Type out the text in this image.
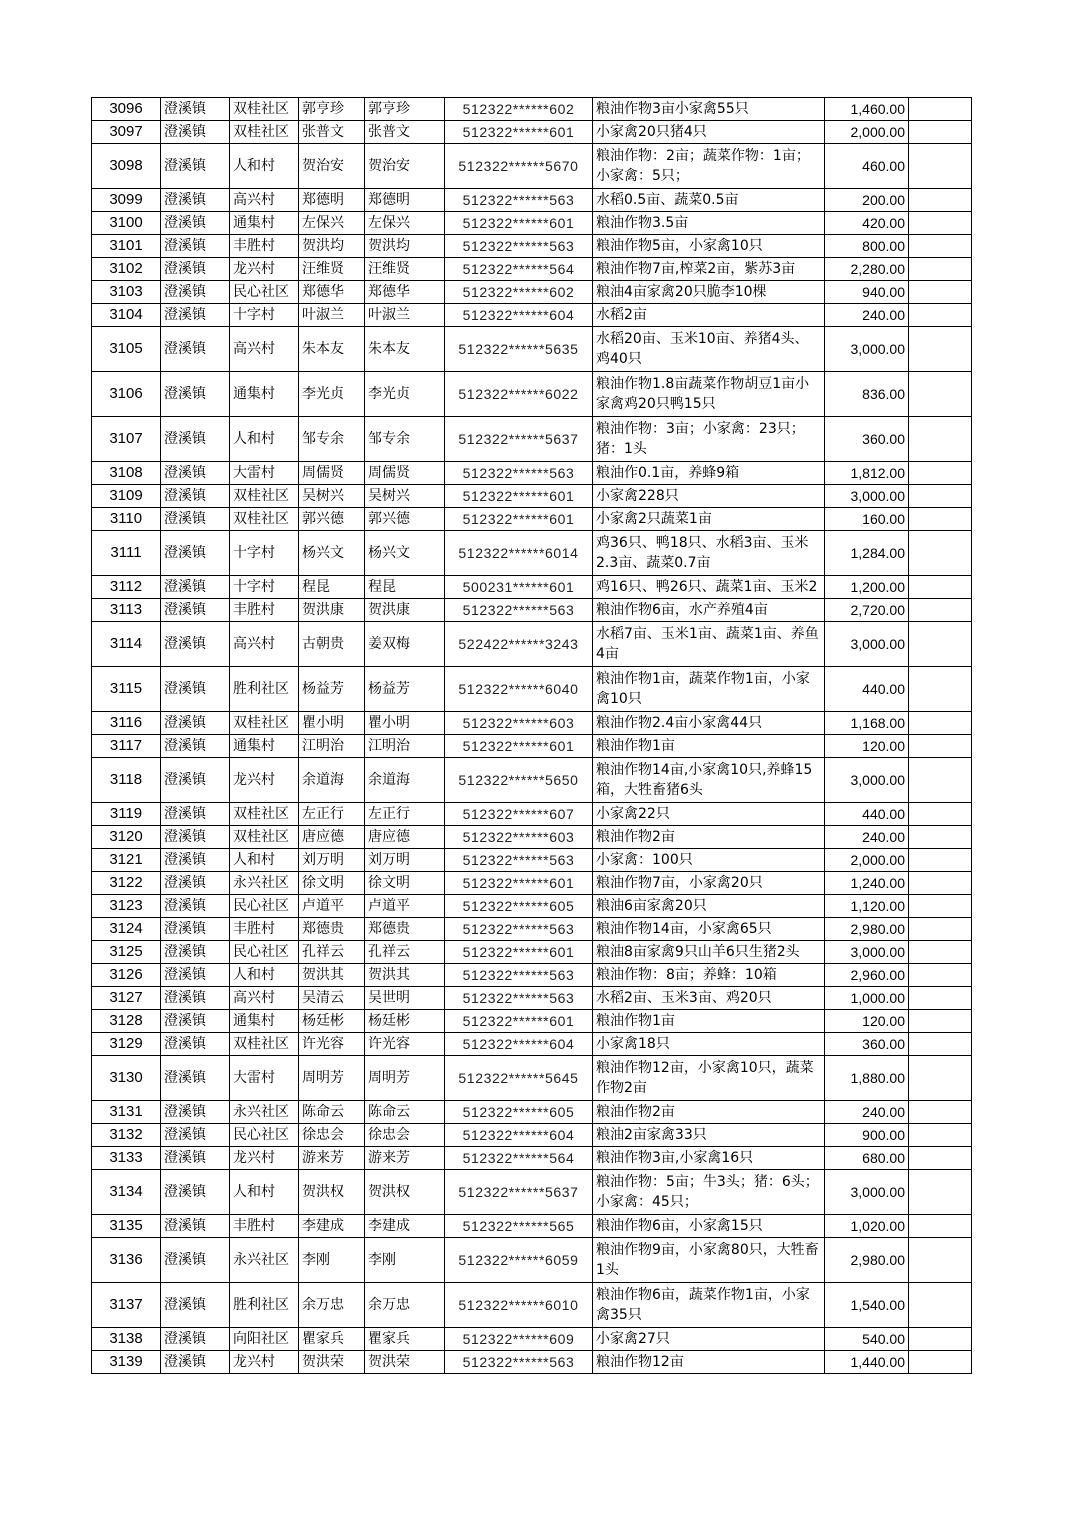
3096	澄溪镇	双桂社区	郭亨珍	郭亨珍	512322******602	粮油作物3亩小家禽55只	1,460.00	
3097	澄溪镇	双桂社区	张普文	张普文	512322******601	小家禽20只猪4只	2,000.00	
3098	澄溪镇	人和村	贺治安	贺治安	512322******5670	粮油作物：2亩；蔬菜作物：1亩；小家禽：5只；	460.00	
3099	澄溪镇	高兴村	郑德明	郑德明	512322******563	水稻0.5亩、蔬菜0.5亩	200.00	
3100	澄溪镇	通集村	左保兴	左保兴	512322******601	粮油作物3.5亩	420.00	
3101	澄溪镇	丰胜村	贺洪均	贺洪均	512322******563	粮油作物5亩，小家禽10只	800.00	
3102	澄溪镇	龙兴村	汪维贤	汪维贤	512322******564	粮油作物7亩,榨菜2亩，紫苏3亩	2,280.00	
3103	澄溪镇	民心社区	郑德华	郑德华	512322******602	粮油4亩家禽20只脆李10棵	940.00	
3104	澄溪镇	十字村	叶淑兰	叶淑兰	512322******604	水稻2亩	240.00	
3105	澄溪镇	高兴村	朱本友	朱本友	512322******5635	水稻20亩、玉米10亩、养猪4头、鸡40只	3,000.00	
3106	澄溪镇	通集村	李光贞	李光贞	512322******6022	粮油作物1.8亩蔬菜作物胡豆1亩小家禽鸡20只鸭15只	836.00	
3107	澄溪镇	人和村	邹专余	邹专余	512322******5637	粮油作物：3亩；小家禽：23只；猪：1头	360.00	
3108	澄溪镇	大雷村	周儒贤	周儒贤	512322******563	粮油作0.1亩，养蜂9箱	1,812.00	
3109	澄溪镇	双桂社区	吴树兴	吴树兴	512322******601	小家禽228只	3,000.00	
3110	澄溪镇	双桂社区	郭兴德	郭兴德	512322******601	小家禽2只蔬菜1亩	160.00	
3111	澄溪镇	十字村	杨兴文	杨兴文	512322******6014	鸡36只、鸭18只、水稻3亩、玉米2.3亩、蔬菜0.7亩	1,284.00	
3112	澄溪镇	十字村	程昆	程昆	500231******601	鸡16只、鸭26只、蔬菜1亩、玉米2	1,200.00	
3113	澄溪镇	丰胜村	贺洪康	贺洪康	512322******563	粮油作物6亩，水产养殖4亩	2,720.00	
3114	澄溪镇	高兴村	古朝贵	姜双梅	522422******3243	水稻7亩、玉米1亩、蔬菜1亩、养鱼4亩	3,000.00	
3115	澄溪镇	胜利社区	杨益芳	杨益芳	512322******6040	粮油作物1亩，蔬菜作物1亩，小家禽10只	440.00	
3116	澄溪镇	双桂社区	瞿小明	瞿小明	512322******603	粮油作物2.4亩小家禽44只	1,168.00	
3117	澄溪镇	通集村	江明治	江明治	512322******601	粮油作物1亩	120.00	
3118	澄溪镇	龙兴村	余道海	余道海	512322******5650	粮油作物14亩,小家禽10只,养蜂15箱，大牲畜猪6头	3,000.00	
3119	澄溪镇	双桂社区	左正行	左正行	512322******607	小家禽22只	440.00	
3120	澄溪镇	双桂社区	唐应德	唐应德	512322******603	粮油作物2亩	240.00	
3121	澄溪镇	人和村	刘万明	刘万明	512322******563	小家禽：100只	2,000.00	
3122	澄溪镇	永兴社区	徐文明	徐文明	512322******601	粮油作物7亩，小家禽20只	1,240.00	
3123	澄溪镇	民心社区	卢道平	卢道平	512322******605	粮油6亩家禽20只	1,120.00	
3124	澄溪镇	丰胜村	郑德贵	郑德贵	512322******563	粮油作物14亩，小家禽65只	2,980.00	
3125	澄溪镇	民心社区	孔祥云	孔祥云	512322******601	粮油8亩家禽9只山羊6只生猪2头	3,000.00	
3126	澄溪镇	人和村	贺洪其	贺洪其	512322******563	粮油作物：8亩；养蜂：10箱	2,960.00	
3127	澄溪镇	高兴村	吴清云	吴世明	512322******563	水稻2亩、玉米3亩、鸡20只	1,000.00	
3128	澄溪镇	通集村	杨廷彬	杨廷彬	512322******601	粮油作物1亩	120.00	
3129	澄溪镇	双桂社区	许光容	许光容	512322******604	小家禽18只	360.00	
3130	澄溪镇	大雷村	周明芳	周明芳	512322******5645	粮油作物12亩，小家禽10只，蔬菜作物2亩	1,880.00	
3131	澄溪镇	永兴社区	陈命云	陈命云	512322******605	粮油作物2亩	240.00	
3132	澄溪镇	民心社区	徐忠会	徐忠会	512322******604	粮油2亩家禽33只	900.00	
3133	澄溪镇	龙兴村	游来芳	游来芳	512322******564	粮油作物3亩,小家禽16只	680.00	
3134	澄溪镇	人和村	贺洪权	贺洪权	512322******5637	粮油作物：5亩；牛3头；猪：6头；小家禽：45只；	3,000.00	
3135	澄溪镇	丰胜村	李建成	李建成	512322******565	粮油作物6亩，小家禽15只	1,020.00	
3136	澄溪镇	永兴社区	李刚	李刚	512322******6059	粮油作物9亩，小家禽80只，大牲畜1头	2,980.00	
3137	澄溪镇	胜利社区	余万忠	余万忠	512322******6010	粮油作物6亩，蔬菜作物1亩，小家禽35只	1,540.00	
3138	澄溪镇	向阳社区	瞿家兵	瞿家兵	512322******609	小家禽27只	540.00	
3139	澄溪镇	龙兴村	贺洪荣	贺洪荣	512322******563	粮油作物12亩	1,440.00	
